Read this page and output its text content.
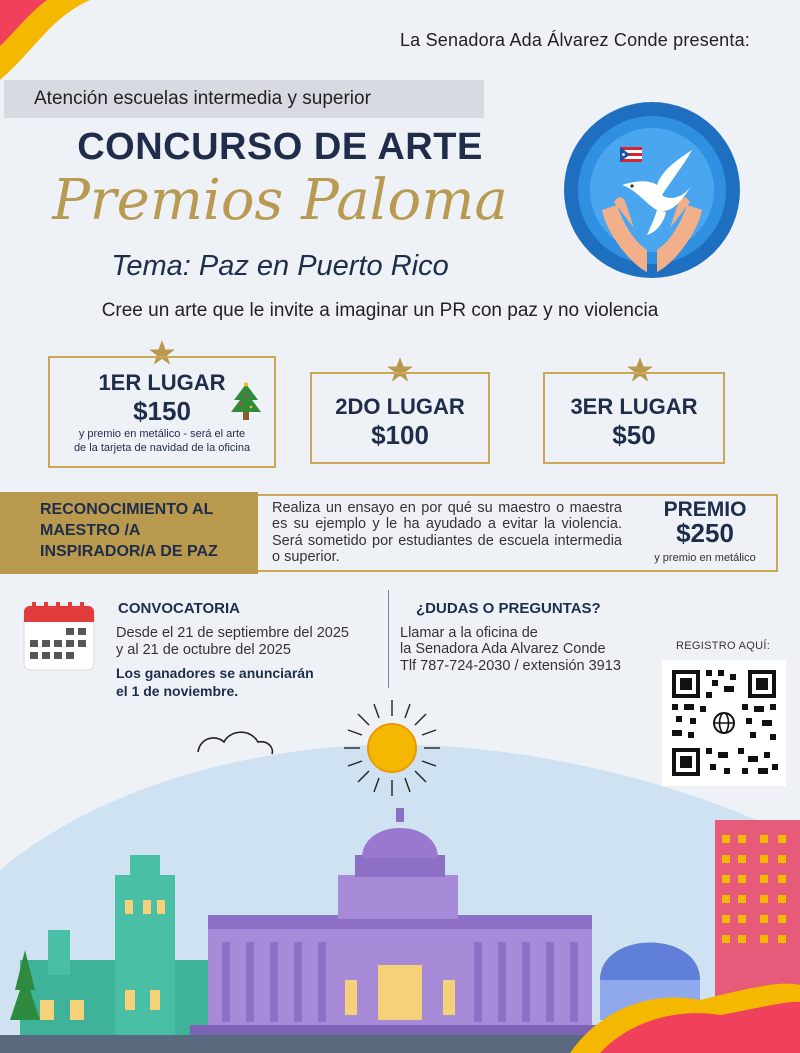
La Senadora Ada Álvarez Conde presenta:
Atención escuelas intermedia y superior
CONCURSO DE ARTE
Premios Paloma
Tema: Paz en Puerto Rico
Cree un arte que le invite a imaginar un PR con paz y no violencia
1ER LUGAR
$150
y premio en metálico - será el arte
de la tarjeta de navidad de la oficina
2DO LUGAR
$100
3ER LUGAR
$50
RECONOCIMIENTO AL
MAESTRO /A
INSPIRADOR/A DE PAZ
Realiza un ensayo en por qué su maestro o maestra es su ejemplo y le ha ayudado a evitar la violencia. Será sometido por estudiantes de escuela intermedia o superior.
PREMIO
$250
y premio en metálico
CONVOCATORIA
Desde el 21 de septiembre del 2025
y al 21 de octubre del 2025
Los ganadores se anunciarán
el 1 de noviembre.
¿DUDAS O PREGUNTAS?
Llamar a la oficina de
la Senadora Ada Alvarez Conde
Tlf 787-724-2030 / extensión 3913
REGISTRO AQUÍ:
